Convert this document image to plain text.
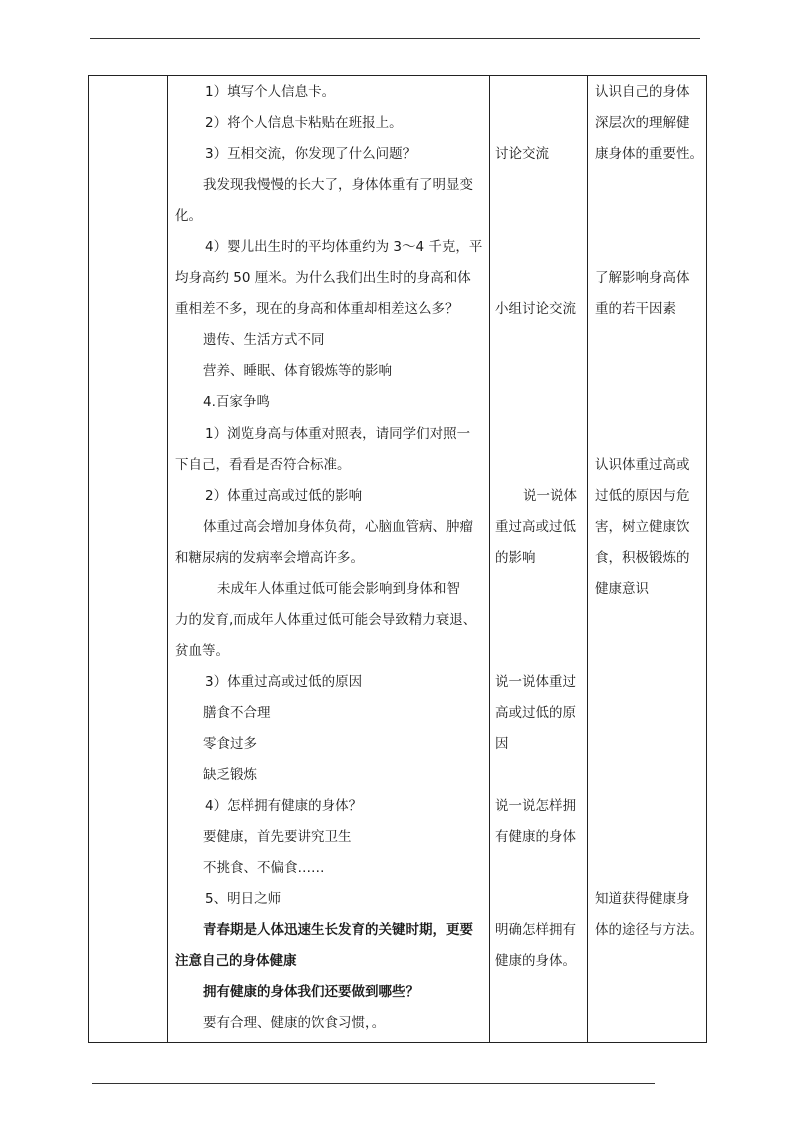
1）填写个人信息卡。
2）将个人信息卡粘贴在班报上。
3）互相交流，你发现了什么问题？
我发现我慢慢的长大了，身体体重有了明显变
化。
4）婴儿出生时的平均体重约为 3～4 千克，平
均身高约 50 厘米。为什么我们出生时的身高和体
重相差不多，现在的身高和体重却相差这么多？
遗传、生活方式不同
营养、睡眠、体育锻炼等的影响
4.百家争鸣
1）浏览身高与体重对照表，请同学们对照一
下自己，看看是否符合标准。
2）体重过高或过低的影响
体重过高会增加身体负荷，心脑血管病、肿瘤
和糖尿病的发病率会增高许多。
未成年人体重过低可能会影响到身体和智
力的发育,而成年人体重过低可能会导致精力衰退、
贫血等。
3）体重过高或过低的原因
膳食不合理
零食过多
缺乏锻炼
4）怎样拥有健康的身体？
要健康，首先要讲究卫生
不挑食、不偏食……
5、明日之师
青春期是人体迅速生长发育的关键时期，更要
注意自己的身体健康
拥有健康的身体我们还要做到哪些？
要有合理、健康的饮食习惯，。
讨论交流
小组讨论交流
说一说体
重过高或过低
的影响
说一说体重过
高或过低的原
因
说一说怎样拥
有健康的身体
明确怎样拥有
健康的身体。
认识自己的身体
深层次的理解健
康身体的重要性。
了解影响身高体
重的若干因素
认识体重过高或
过低的原因与危
害，树立健康饮
食，积极锻炼的
健康意识
知道获得健康身
体的途径与方法。
